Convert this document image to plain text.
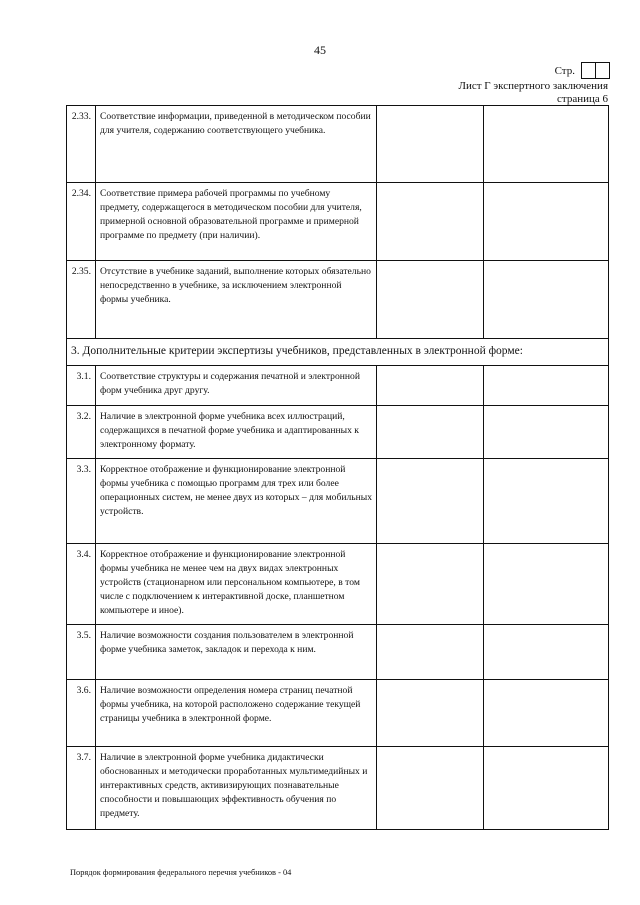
45
Стр.
Лист Г экспертного заключения
страница 6
2.33.	Соответствие информации, приведенной в методическом пособии для учителя, содержанию соответствующего учебника.		
2.34.	Соответствие примера рабочей программы по учебному предмету, содержащегося в методическом пособии для учителя, примерной основной образовательной программе и примерной программе по предмету (при наличии).		
2.35.	Отсутствие в учебнике заданий, выполнение которых обязательно непосредственно в учебнике, за исключением электронной формы учебника.		
3. Дополнительные критерии экспертизы учебников, представленных в электронной форме:			
3.1.	Соответствие структуры и содержания печатной и электронной форм учебника друг другу.		
3.2.	Наличие в электронной форме учебника всех иллюстраций, содержащихся в печатной форме учебника и адаптированных к электронному формату.		
3.3.	Корректное отображение и функционирование электронной формы учебника с помощью программ для трех или более операционных систем, не менее двух из которых – для мобильных устройств.		
3.4.	Корректное отображение и функционирование электронной формы учебника не менее чем на двух видах электронных устройств (стационарном или персональном компьютере, в том числе с подключением к интерактивной доске, планшетном компьютере и иное).		
3.5.	Наличие возможности создания пользователем в электронной форме учебника заметок, закладок и перехода к ним.		
3.6.	Наличие возможности определения номера страниц печатной формы учебника, на которой расположено содержание текущей страницы учебника в электронной форме.		
3.7.	Наличие в электронной форме учебника дидактически обоснованных и методически проработанных мультимедийных и интерактивных средств, активизирующих познавательные способности и повышающих эффективность обучения по предмету.		
Порядок формирования федерального перечня учебников - 04
